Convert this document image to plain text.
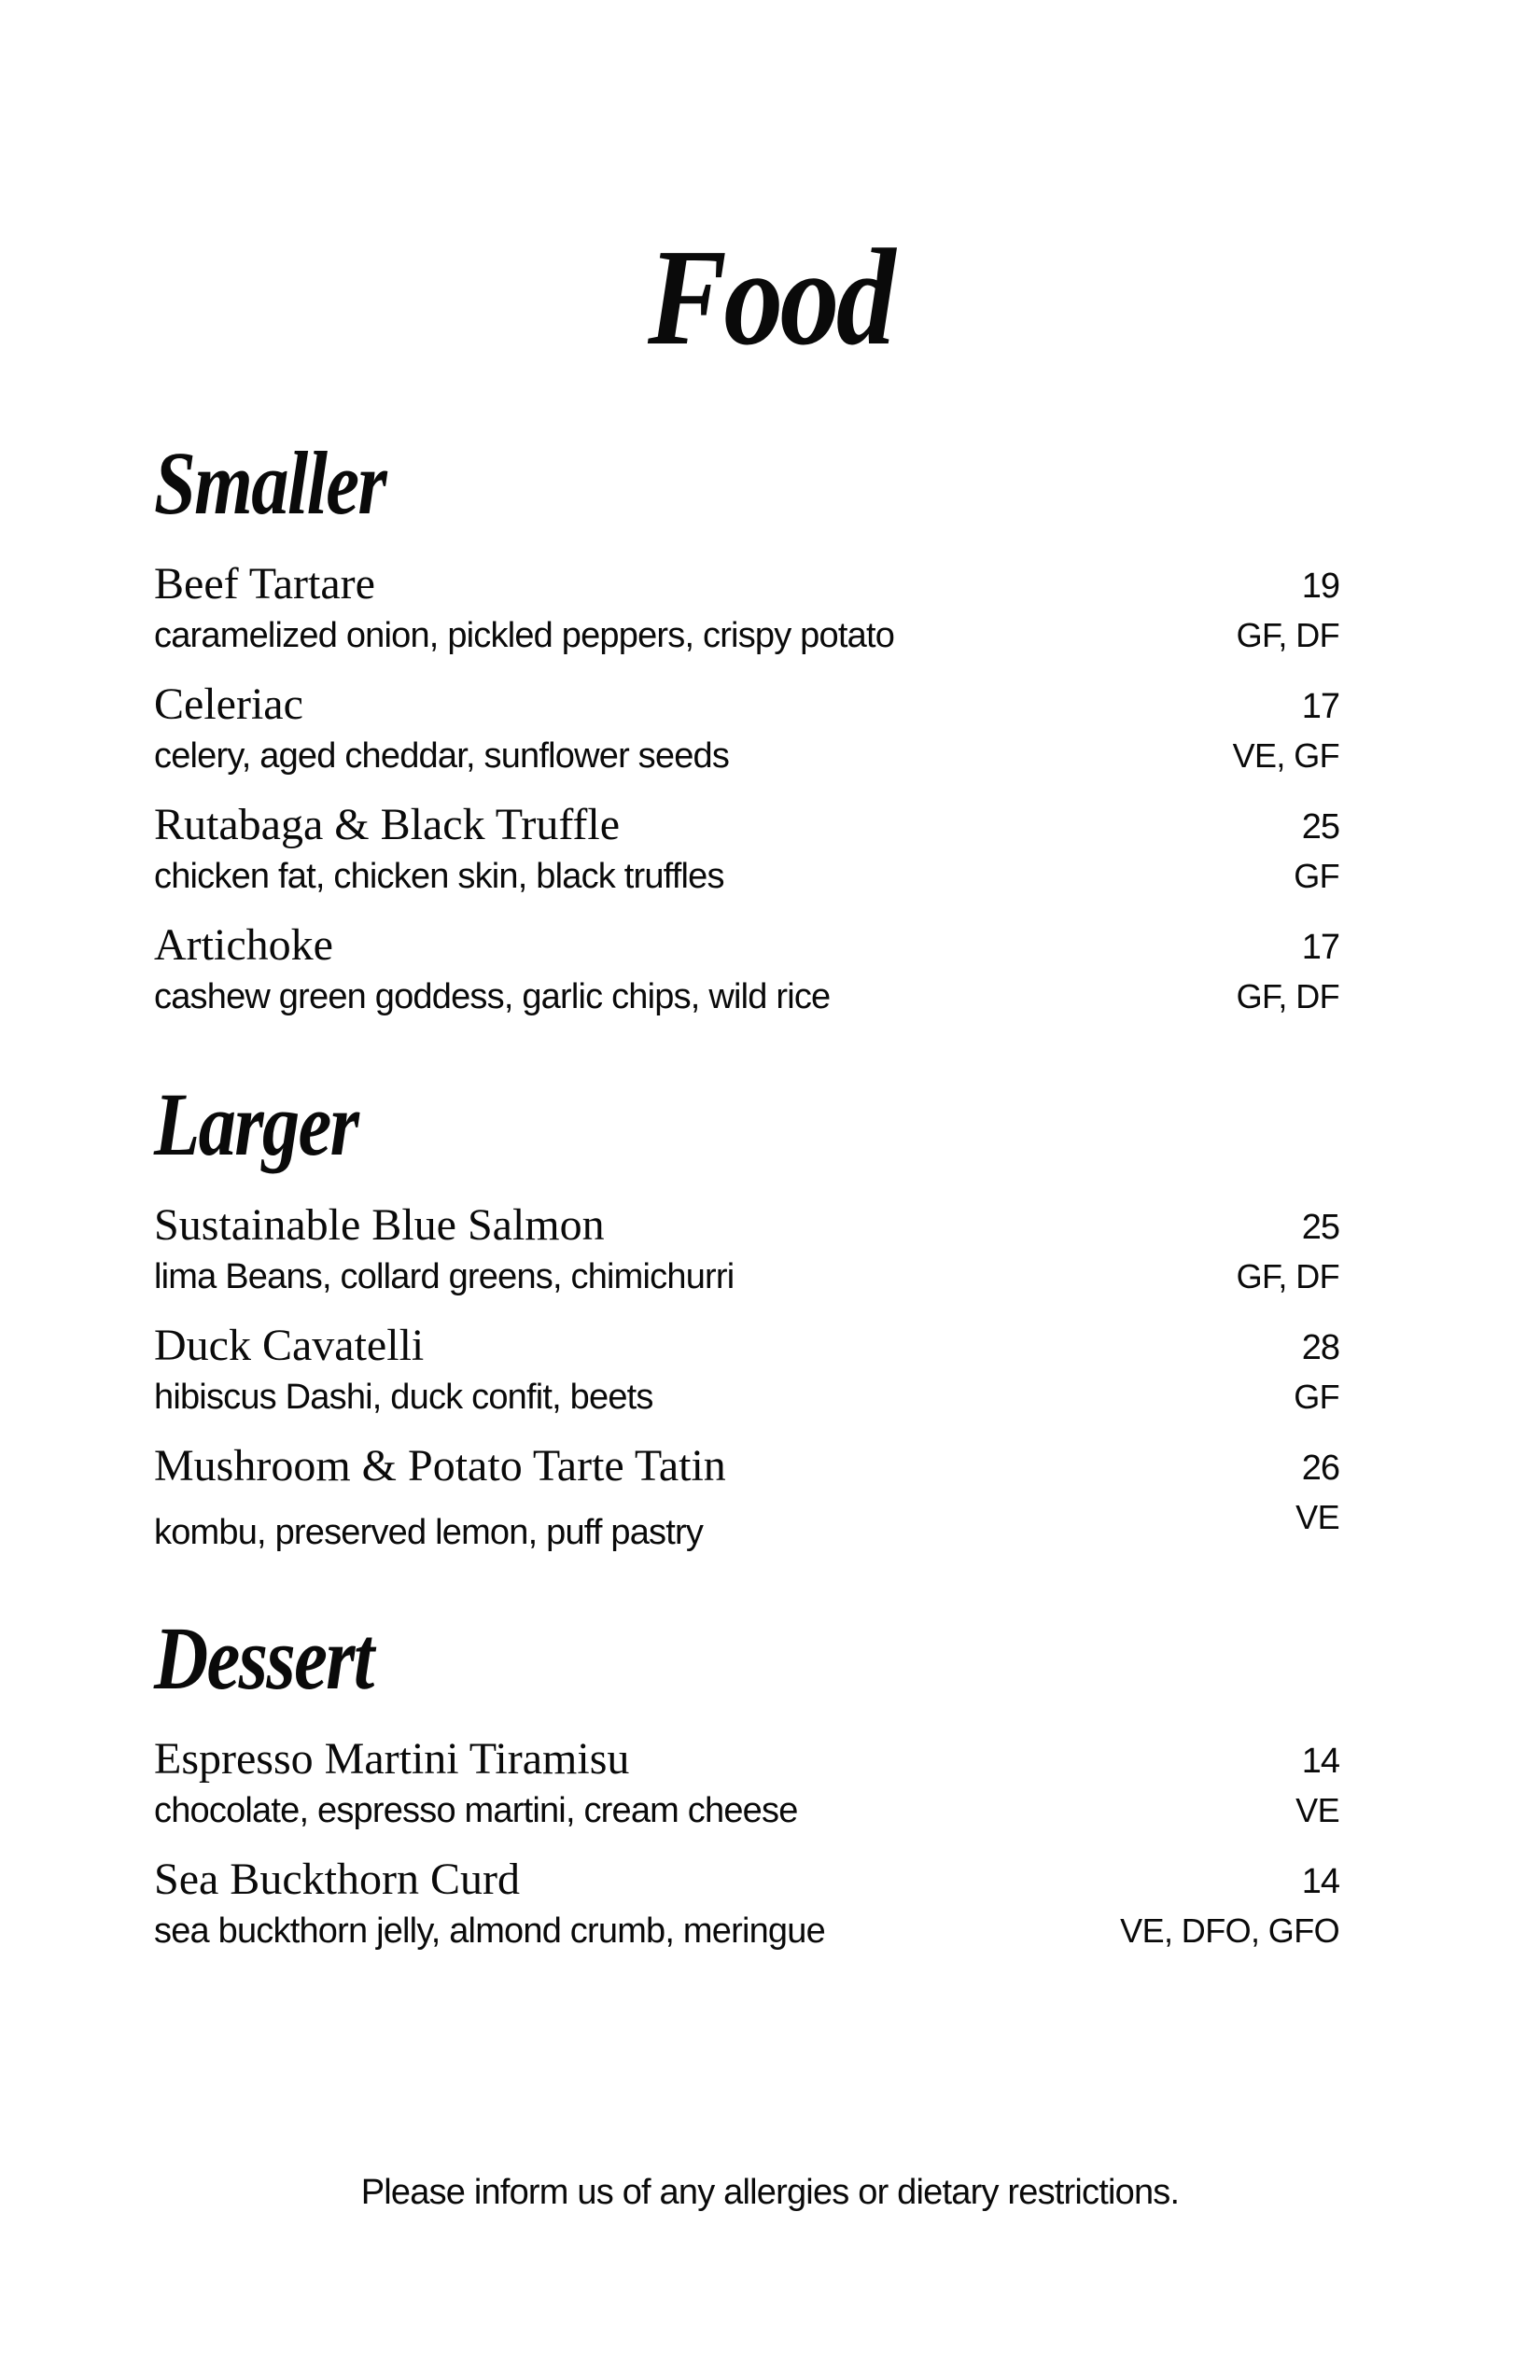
Food
Smaller
Beef Tartare	19
caramelized onion, pickled peppers, crispy potato	GF, DF
Celeriac	17
celery, aged cheddar, sunflower seeds	VE, GF
Rutabaga & Black Truffle	25
chicken fat, chicken skin, black truffles	GF
Artichoke	17
cashew green goddess, garlic chips, wild rice	GF, DF
Larger
Sustainable Blue Salmon	25
lima Beans, collard greens, chimichurri	GF, DF
Duck Cavatelli	28
hibiscus Dashi, duck confit, beets	GF
Mushroom & Potato Tarte Tatin	26
kombu, preserved lemon, puff pastry	VE
Dessert
Espresso Martini Tiramisu	14
chocolate, espresso martini, cream cheese	VE
Sea Buckthorn Curd	14
sea buckthorn jelly, almond crumb, meringue	VE, DFO, GFO

Please inform us of any allergies or dietary restrictions.
